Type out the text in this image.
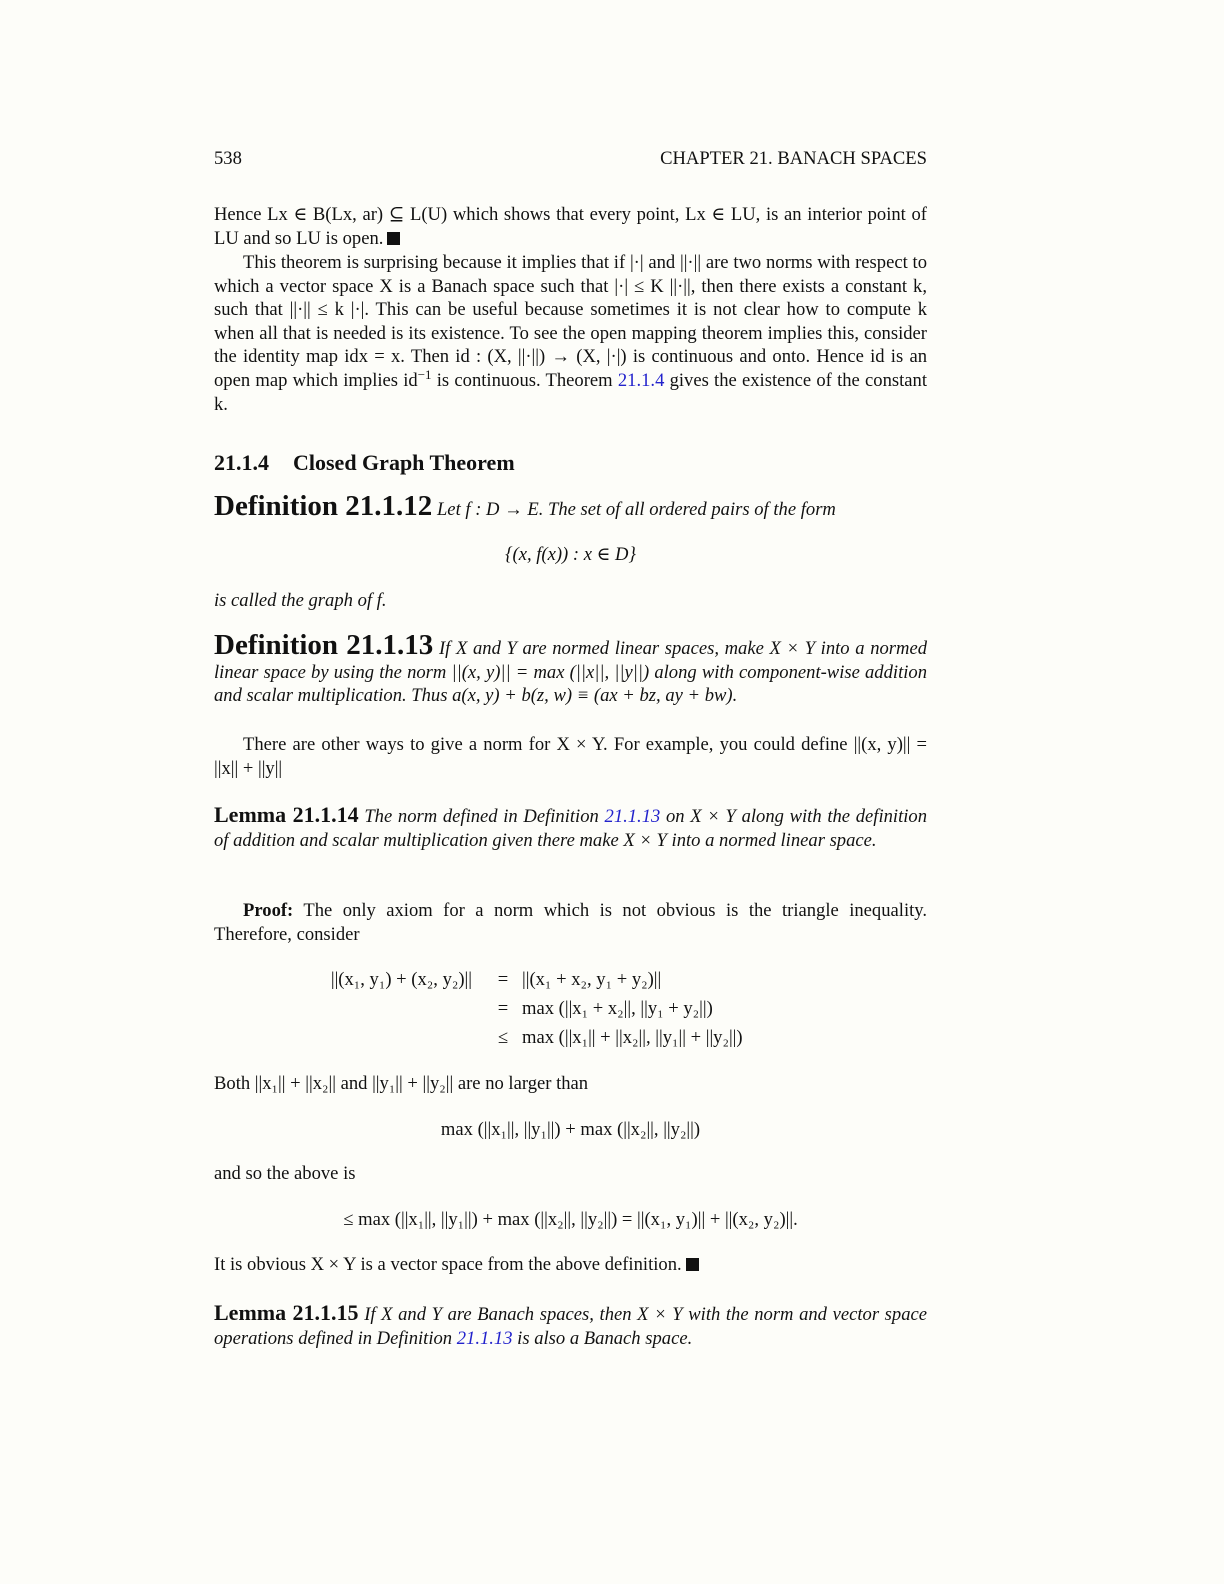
538	CHAPTER 21. BANACH SPACES
Hence Lx ∈ B(Lx, ar) ⊆ L(U) which shows that every point, Lx ∈ LU, is an interior point of LU and so LU is open.
This theorem is surprising because it implies that if |·| and ||·|| are two norms with respect to which a vector space X is a Banach space such that |·| ≤ K ||·||, then there exists a constant k, such that ||·|| ≤ k |·|. This can be useful because sometimes it is not clear how to compute k when all that is needed is its existence. To see the open mapping theorem implies this, consider the identity map idx = x. Then id : (X, ||·||) → (X, |·|) is continuous and onto. Hence id is an open map which implies $id^{-1}$ is continuous. Theorem 21.1.4 gives the existence of the constant k.
21.1.4 Closed Graph Theorem
Definition 21.1.12 Let f : D → E. The set of all ordered pairs of the form
{(x, f(x)) : x ∈ D}
is called the graph of f.
Definition 21.1.13 If X and Y are normed linear spaces, make X × Y into a normed linear space by using the norm ||(x, y)|| = max (||x||, ||y||) along with component-wise addition and scalar multiplication. Thus a(x, y) + b(z, w) ≡ (ax + bz, ay + bw).
There are other ways to give a norm for X × Y. For example, you could define ||(x, y)|| = ||x|| + ||y||
Lemma 21.1.14 The norm defined in Definition 21.1.13 on X × Y along with the definition of addition and scalar multiplication given there make X × Y into a normed linear space.
Proof: The only axiom for a norm which is not obvious is the triangle inequality. Therefore, consider
||(x₁, y₁) + (x₂, y₂)||	= ||(x₁ + x₂, y₁ + y₂)||
= max (||x₁ + x₂||, ||y₁ + y₂||)
≤ max (||x₁|| + ||x₂||, ||y₁|| + ||y₂||)
Both ||x₁|| + ||x₂|| and ||y₁|| + ||y₂|| are no larger than
max (||x₁||, ||y₁||) + max (||x₂||, ||y₂||)
and so the above is
≤ max (||x₁||, ||y₁||) + max (||x₂||, ||y₂||) = ||(x₁, y₁)|| + ||(x₂, y₂)||.
It is obvious X × Y is a vector space from the above definition.
Lemma 21.1.15 If X and Y are Banach spaces, then X × Y with the norm and vector space operations defined in Definition 21.1.13 is also a Banach space.
